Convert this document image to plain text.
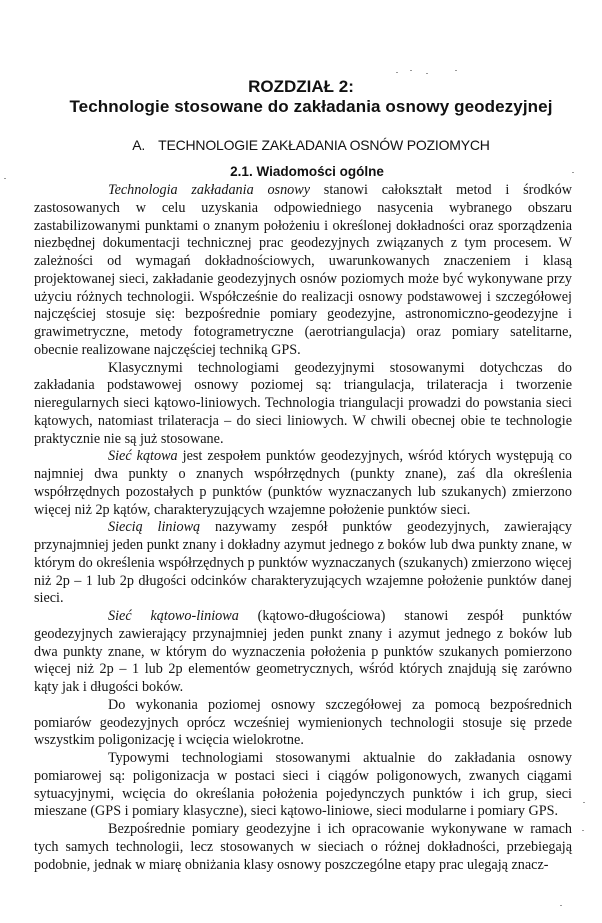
ROZDZIAŁ 2:
Technologie stosowane do zakładania osnowy geodezyjnej
A. TECHNOLOGIE ZAKŁADANIA OSNÓW POZIOMYCH
2.1. Wiadomości ogólne

Technologia zakładania osnowy stanowi całokształt metod i środków zastosowanych w celu uzyskania odpowiedniego nasycenia wybranego obszaru zastabilizowanymi punktami o znanym położeniu i określonej dokładności oraz sporządzenia niezbędnej dokumentacji technicznej prac geodezyjnych związanych z tym procesem. W zależności od wymagań dokładnościowych, uwarunkowanych znaczeniem i klasą projektowanej sieci, zakładanie geodezyjnych osnów poziomych może być wykonywane przy użyciu różnych technologii. Współcześnie do realizacji osnowy podstawowej i szczegółowej najczęściej stosuje się: bezpośrednie pomiary geodezyjne, astronomiczno-geodezyjne i grawimetryczne, metody fotogrametryczne (aerotriangulacja) oraz pomiary satelitarne, obecnie realizowane najczęściej techniką GPS.

Klasycznymi technologiami geodezyjnymi stosowanymi dotychczas do zakładania podstawowej osnowy poziomej są: triangulacja, trilateracja i tworzenie nieregularnych sieci kątowo-liniowych. Technologia triangulacji prowadzi do powstania sieci kątowych, natomiast trilateracja – do sieci liniowych. W chwili obecnej obie te technologie praktycznie nie są już stosowane.

Sieć kątowa jest zespołem punktów geodezyjnych, wśród których występują co najmniej dwa punkty o znanych współrzędnych (punkty znane), zaś dla określenia współrzędnych pozostałych p punktów (punktów wyznaczanych lub szukanych) zmierzono więcej niż 2p kątów, charakteryzujących wzajemne położenie punktów sieci.

Siecią liniową nazywamy zespół punktów geodezyjnych, zawierający przynajmniej jeden punkt znany i dokładny azymut jednego z boków lub dwa punkty znane, w którym do określenia współrzędnych p punktów wyznaczanych (szukanych) zmierzono więcej niż 2p – 1 lub 2p długości odcinków charakteryzujących wzajemne położenie punktów danej sieci.

Sieć kątowo-liniowa (kątowo-długościowa) stanowi zespół punktów geodezyjnych zawierający przynajmniej jeden punkt znany i azymut jednego z boków lub dwa punkty znane, w którym do wyznaczenia położenia p punktów szukanych pomierzono więcej niż 2p – 1 lub 2p elementów geometrycznych, wśród których znajdują się zarówno kąty jak i długości boków.

Do wykonania poziomej osnowy szczegółowej za pomocą bezpośrednich pomiarów geodezyjnych oprócz wcześniej wymienionych technologii stosuje się przede wszystkim poligonizację i wcięcia wielokrotne.

Typowymi technologiami stosowanymi aktualnie do zakładania osnowy pomiarowej są: poligonizacja w postaci sieci i ciągów poligonowych, zwanych ciągami sytuacyjnymi, wcięcia do określania położenia pojedynczych punktów i ich grup, sieci mieszane (GPS i pomiary klasyczne), sieci kątowo-liniowe, sieci modularne i pomiary GPS.

Bezpośrednie pomiary geodezyjne i ich opracowanie wykonywane w ramach tych samych technologii, lecz stosowanych w sieciach o różnej dokładności, przebiegają podobnie, jednak w miarę obniżania klasy osnowy poszczególne etapy prac ulegają znacz-
